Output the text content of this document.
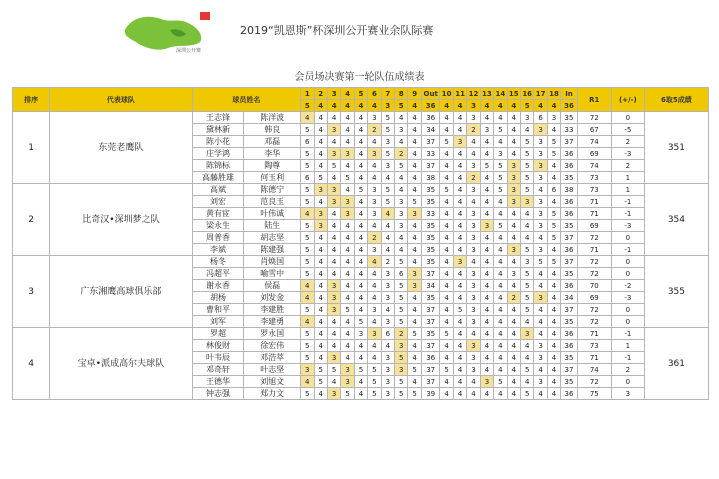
深圳公开赛
2019“凯恩斯”杯深圳公开赛业余队际赛
会员场决赛第一轮队伍成绩表
排序	代表球队	球员姓名		1	2	3	4	5	6	7	8	9	Out	10	11	12	13	14	15	16	17	18	In	R1	(+/-)	6取5成绩
				5	4	4	4	4	4	3	5	4	36	4	4	3	4	4	4	5	4	4	36			
1	东莞老鹰队	王志锋	陈洋波	4	4	4	4	4	3	5	4	4	36	4	4	3	4	4	4	3	6	3	35	72	0	351
		黛林新	韩良	5	4	3	4	4	2	5	3	4	34	4	4	2	3	5	4	4	3	4	33	67	-5	
		陈小花	邓磊	6	4	4	4	4	4	3	4	4	37	5	3	4	4	4	4	5	3	5	37	74	2	
		庄学鸿	李华	5	4	3	3	4	3	5	2	4	33	4	4	4	4	3	4	5	3	5	36	69	-3	
		陈锦标	陶尊	5	4	5	4	4	4	3	5	4	37	4	4	3	5	5	3	5	3	4	36	74	2	
		高藤胜雄	何玉利	6	5	4	5	4	4	4	4	4	38	4	4	2	4	5	3	5	3	4	35	73	1	
2	比奇汉•深圳梦之队	高斌	陈德宁	5	3	3	4	5	3	5	4	4	35	5	4	3	4	5	3	5	4	6	38	73	1	354
		刘宏	范良玉	5	4	3	3	4	3	5	3	5	35	4	4	4	4	4	3	3	3	4	36	71	-1	
		黄有宧	叶伟诚	4	3	4	3	4	3	4	3	3	33	4	4	3	4	4	4	4	3	5	36	71	-1	
		梁永生	陆生	5	3	4	4	4	4	4	3	4	35	4	4	3	3	5	4	4	3	5	35	69	-3	
		周普香	胡志坚	5	4	4	4	4	2	4	4	4	35	4	4	3	4	4	4	4	4	5	37	72	0	
		李斌	陈建强	5	4	4	4	4	3	4	4	4	35	4	4	3	4	4	3	5	3	4	36	71	-1	
3	广东湘鹰高球俱乐部	杨冬	肖焕国	5	4	4	4	4	4	2	5	4	35	4	3	4	4	4	4	3	5	5	37	72	0	355
		冯超平	喻雪中	5	4	4	4	4	4	3	6	3	37	4	4	3	4	4	3	5	4	4	35	72	0	
		谢永香	侯磊	4	4	3	4	4	4	3	5	3	34	4	4	3	4	4	4	5	4	4	36	70	-2	
		胡杨	刘发金	4	4	3	4	4	4	3	5	4	35	4	4	3	4	4	2	5	3	4	34	69	-3	
		曹和平	李建胜	5	4	3	5	4	3	4	5	4	37	4	5	3	4	4	4	5	4	4	37	72	0	
		刘军	李建勇	4	4	4	4	5	4	3	5	4	37	4	4	3	4	4	4	4	4	4	35	72	0	
4	宝卓•派成高尔夫球队	罗超	罗永国	5	4	4	4	3	3	6	2	5	35	5	4	4	4	4	4	3	4	4	36	71	-1	361
		林俊财	徐宏伟	5	4	4	4	4	4	4	3	4	37	4	4	3	4	4	4	4	3	4	36	73	1	
		叶韦辰	邓浩萃	5	4	3	4	4	4	3	5	4	36	4	4	3	4	4	4	4	3	4	35	71	-1	
		邓奇轩	叶志坚	3	5	5	3	5	5	3	3	5	37	5	4	3	4	4	4	5	4	4	37	74	2	
		王德华	刘旭文	4	5	4	3	4	5	3	5	4	37	4	4	4	3	5	4	4	3	4	35	72	0	
		钟志强	郑力文	5	4	3	5	4	5	3	5	5	39	4	4	4	4	4	4	5	4	4	36	75	3	
